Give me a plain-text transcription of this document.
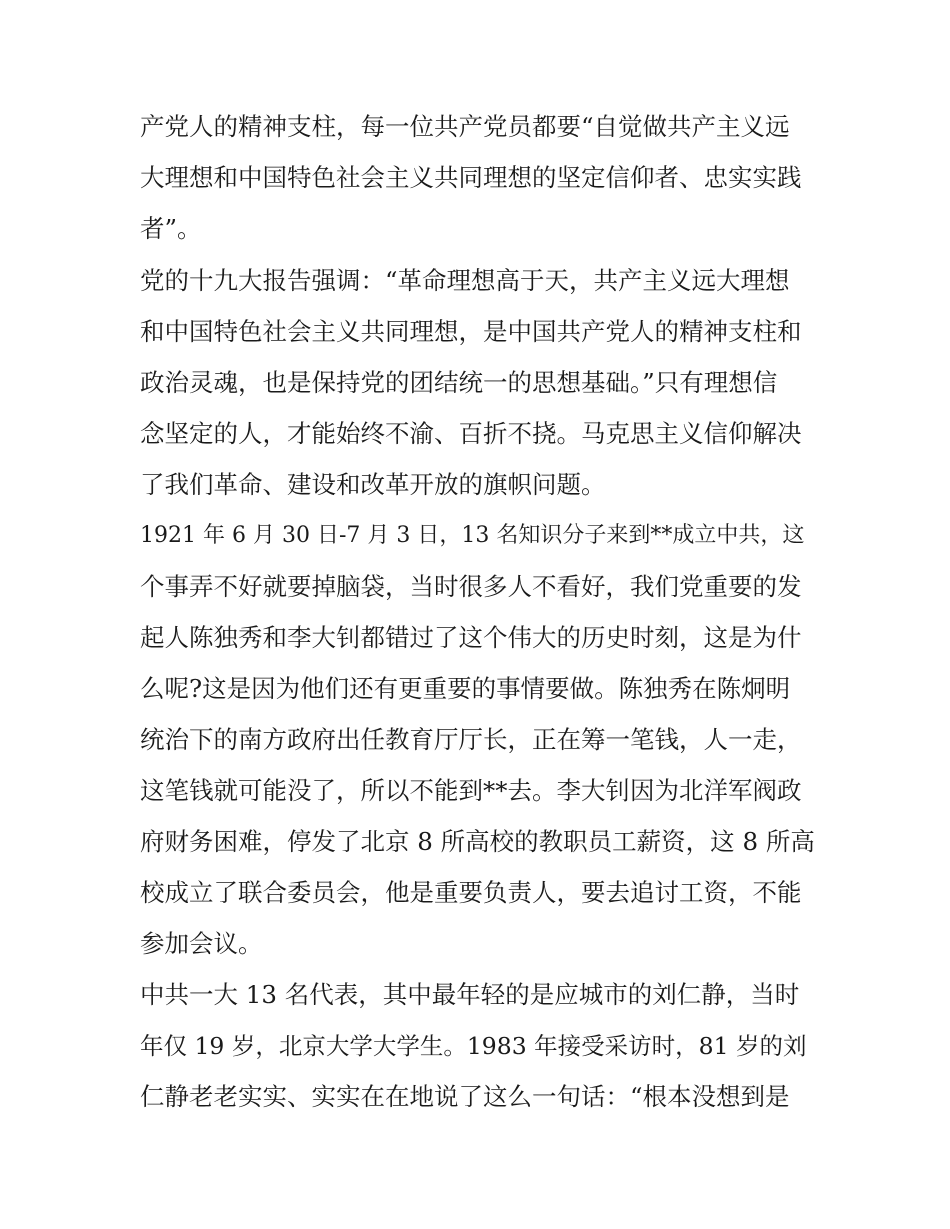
产党人的精神支柱，每一位共产党员都要“自觉做共产主义远
大理想和中国特色社会主义共同理想的坚定信仰者、忠实实践
者”。
党的十九大报告强调：“革命理想高于天，共产主义远大理想
和中国特色社会主义共同理想，是中国共产党人的精神支柱和
政治灵魂，也是保持党的团结统一的思想基础。”只有理想信
念坚定的人，才能始终不渝、百折不挠。马克思主义信仰解决
了我们革命、建设和改革开放的旗帜问题。
1921 年 6 月 30 日-7 月 3 日，13 名知识分子来到**成立中共，这
个事弄不好就要掉脑袋，当时很多人不看好，我们党重要的发
起人陈独秀和李大钊都错过了这个伟大的历史时刻，这是为什
么呢?这是因为他们还有更重要的事情要做。陈独秀在陈炯明
统治下的南方政府出任教育厅厅长，正在筹一笔钱，人一走，
这笔钱就可能没了，所以不能到**去。李大钊因为北洋军阀政
府财务困难，停发了北京 8 所高校的教职员工薪资，这 8 所高
校成立了联合委员会，他是重要负责人，要去追讨工资，不能
参加会议。
中共一大 13 名代表，其中最年轻的是应城市的刘仁静，当时
年仅 19 岁，北京大学大学生。1983 年接受采访时，81 岁的刘
仁静老老实实、实实在在地说了这么一句话：“根本没想到是
